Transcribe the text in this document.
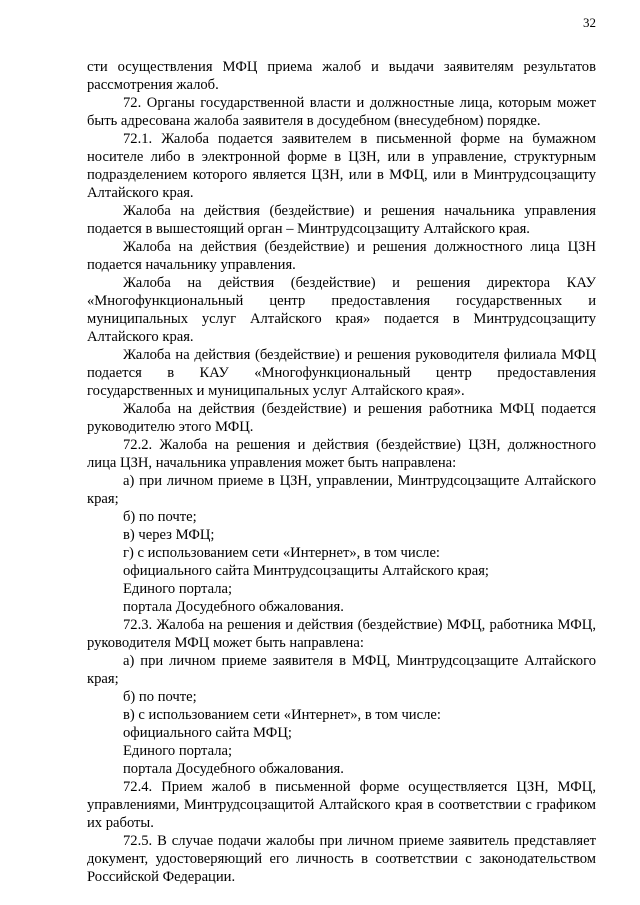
32

сти осуществления МФЦ приема жалоб и выдачи заявителям результатов рассмотрения жалоб.

72. Органы государственной власти и должностные лица, которым может быть адресована жалоба заявителя в досудебном (внесудебном) порядке.

72.1. Жалоба подается заявителем в письменной форме на бумажном носителе либо в электронной форме в ЦЗН, или в управление, структурным подразделением которого является ЦЗН, или в МФЦ, или в Минтрудсоцзащиту Алтайского края.

Жалоба на действия (бездействие) и решения начальника управления подается в вышестоящий орган – Минтрудсоцзащиту Алтайского края.

Жалоба на действия (бездействие) и решения должностного лица ЦЗН подается начальнику управления.

Жалоба на действия (бездействие) и решения директора КАУ «Многофункциональный центр предоставления государственных и муниципальных услуг Алтайского края» подается в Минтрудсоцзащиту Алтайского края.

Жалоба на действия (бездействие) и решения руководителя филиала МФЦ подается в КАУ «Многофункциональный центр предоставления государственных и муниципальных услуг Алтайского края».

Жалоба на действия (бездействие) и решения работника МФЦ подается руководителю этого МФЦ.

72.2. Жалоба на решения и действия (бездействие) ЦЗН, должностного лица ЦЗН, начальника управления может быть направлена:

а) при личном приеме в ЦЗН, управлении, Минтрудсоцзащите Алтайского края;

б) по почте;

в) через МФЦ;

г) с использованием сети «Интернет», в том числе:

официального сайта Минтрудсоцзащиты Алтайского края;

Единого портала;

портала Досудебного обжалования.

72.3. Жалоба на решения и действия (бездействие) МФЦ, работника МФЦ, руководителя МФЦ может быть направлена:

а) при личном приеме заявителя в МФЦ, Минтрудсоцзащите Алтайского края;

б) по почте;

в) с использованием сети «Интернет», в том числе:

официального сайта МФЦ;

Единого портала;

портала Досудебного обжалования.

72.4. Прием жалоб в письменной форме осуществляется ЦЗН, МФЦ, управлениями, Минтрудсоцзащитой Алтайского края в соответствии с графиком их работы.

72.5. В случае подачи жалобы при личном приеме заявитель представляет документ, удостоверяющий его личность в соответствии с законодательством Российской Федерации.
